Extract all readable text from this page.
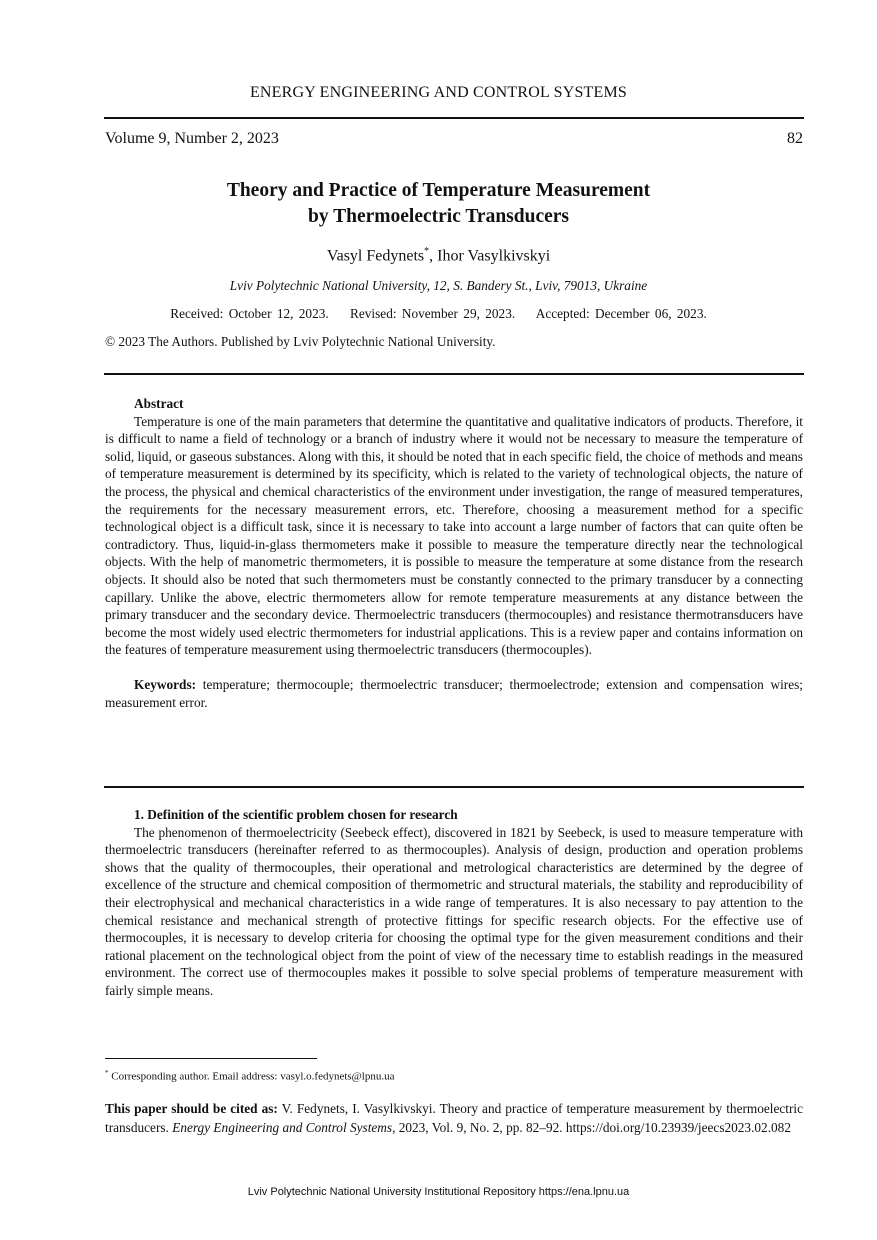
ENERGY ENGINEERING AND CONTROL SYSTEMS
Volume 9, Number 2, 2023	82
Theory and Practice of Temperature Measurement
by Thermoelectric Transducers
Vasyl Fedynets*, Ihor Vasylkivskyi
Lviv Polytechnic National University, 12, S. Bandery St., Lviv, 79013, Ukraine
Received: October 12, 2023. Revised: November 29, 2023. Accepted: December 06, 2023.
© 2023 The Authors. Published by Lviv Polytechnic National University.
Abstract

Temperature is one of the main parameters that determine the quantitative and qualitative indicators of products. Therefore, it is difficult to name a field of technology or a branch of industry where it would not be necessary to measure the temperature of solid, liquid, or gaseous substances. Along with this, it should be noted that in each specific field, the choice of methods and means of temperature measurement is determined by its specificity, which is related to the variety of technological objects, the nature of the process, the physical and chemical characteristics of the environment under investigation, the range of measured temperatures, the requirements for the necessary measurement errors, etc. Therefore, choosing a measurement method for a specific technological object is a difficult task, since it is necessary to take into account a large number of factors that can quite often be contradictory. Thus, liquid-in-glass thermometers make it possible to measure the temperature directly near the technological objects. With the help of manometric thermometers, it is possible to measure the temperature at some distance from the research objects. It should also be noted that such thermometers must be constantly connected to the primary transducer by a connecting capillary. Unlike the above, electric thermometers allow for remote temperature measurements at any distance between the primary transducer and the secondary device. Thermoelectric transducers (thermocouples) and resistance thermotransducers have become the most widely used electric thermometers for industrial applications. This is a review paper and contains information on the features of temperature measurement using thermoelectric transducers (thermocouples).

Keywords: temperature; thermocouple; thermoelectric transducer; thermoelectrode; extension and compensation wires; measurement error.

1. Definition of the scientific problem chosen for research

The phenomenon of thermoelectricity (Seebeck effect), discovered in 1821 by Seebeck, is used to measure temperature with thermoelectric transducers (hereinafter referred to as thermocouples). Analysis of design, production and operation problems shows that the quality of thermocouples, their operational and metrological characteristics are determined by the degree of excellence of the structure and chemical composition of thermometric and structural materials, the stability and reproducibility of their electrophysical and mechanical characteristics in a wide range of temperatures. It is also necessary to pay attention to the chemical resistance and mechanical strength of protective fittings for specific research objects. For the effective use of thermocouples, it is necessary to develop criteria for choosing the optimal type for the given measurement conditions and their rational placement on the technological object from the point of view of the necessary time to establish readings in the measured environment. The correct use of thermocouples makes it possible to solve special problems of temperature measurement with fairly simple means.

* Corresponding author. Email address: vasyl.o.fedynets@lpnu.ua
This paper should be cited as: V. Fedynets, I. Vasylkivskyi. Theory and practice of temperature measurement by thermoelectric transducers. Energy Engineering and Control Systems, 2023, Vol. 9, No. 2, pp. 82–92. https://doi.org/10.23939/jeecs2023.02.082
Lviv Polytechnic National University Institutional Repository https://ena.lpnu.ua
